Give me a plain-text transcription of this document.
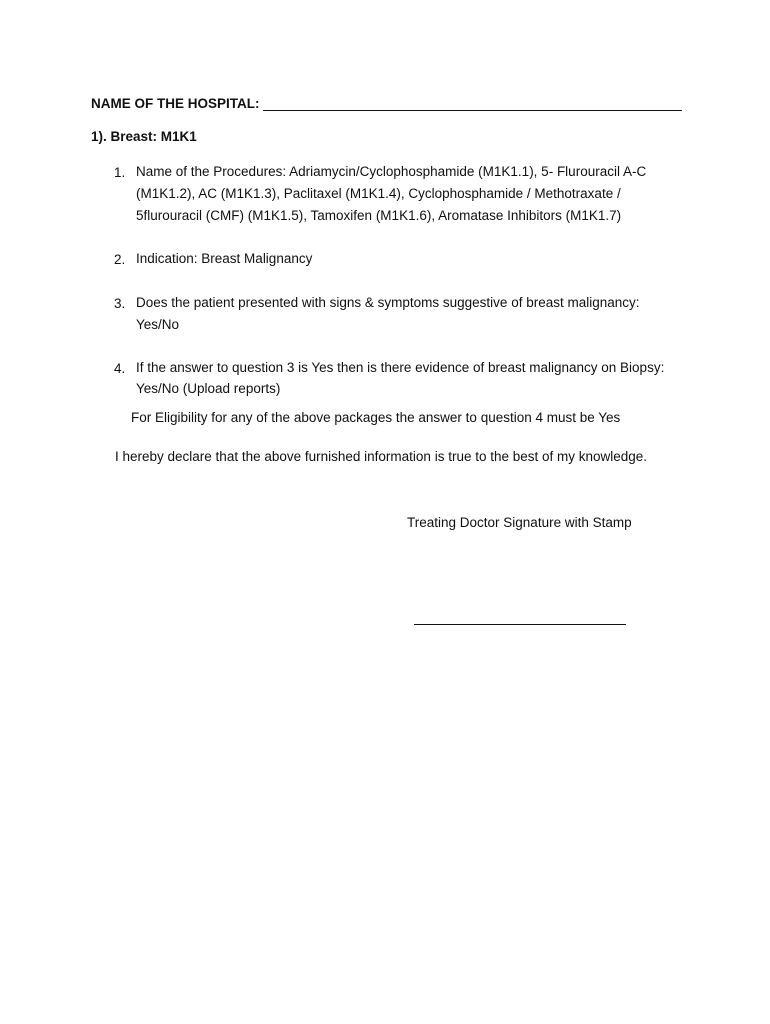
NAME OF THE HOSPITAL:
1). Breast: M1K1
1. Name of the Procedures: Adriamycin/Cyclophosphamide (M1K1.1), 5- Flurouracil A-C
(M1K1.2), AC (M1K1.3), Paclitaxel (M1K1.4), Cyclophosphamide / Methotraxate /
5flurouracil (CMF) (M1K1.5), Tamoxifen (M1K1.6), Aromatase Inhibitors (M1K1.7)
2. Indication: Breast Malignancy
3. Does the patient presented with signs & symptoms suggestive of breast malignancy:
Yes/No
4. If the answer to question 3 is Yes then is there evidence of breast malignancy on Biopsy:
Yes/No (Upload reports)
For Eligibility for any of the above packages the answer to question 4 must be Yes
I hereby declare that the above furnished information is true to the best of my knowledge.
Treating Doctor Signature with Stamp
